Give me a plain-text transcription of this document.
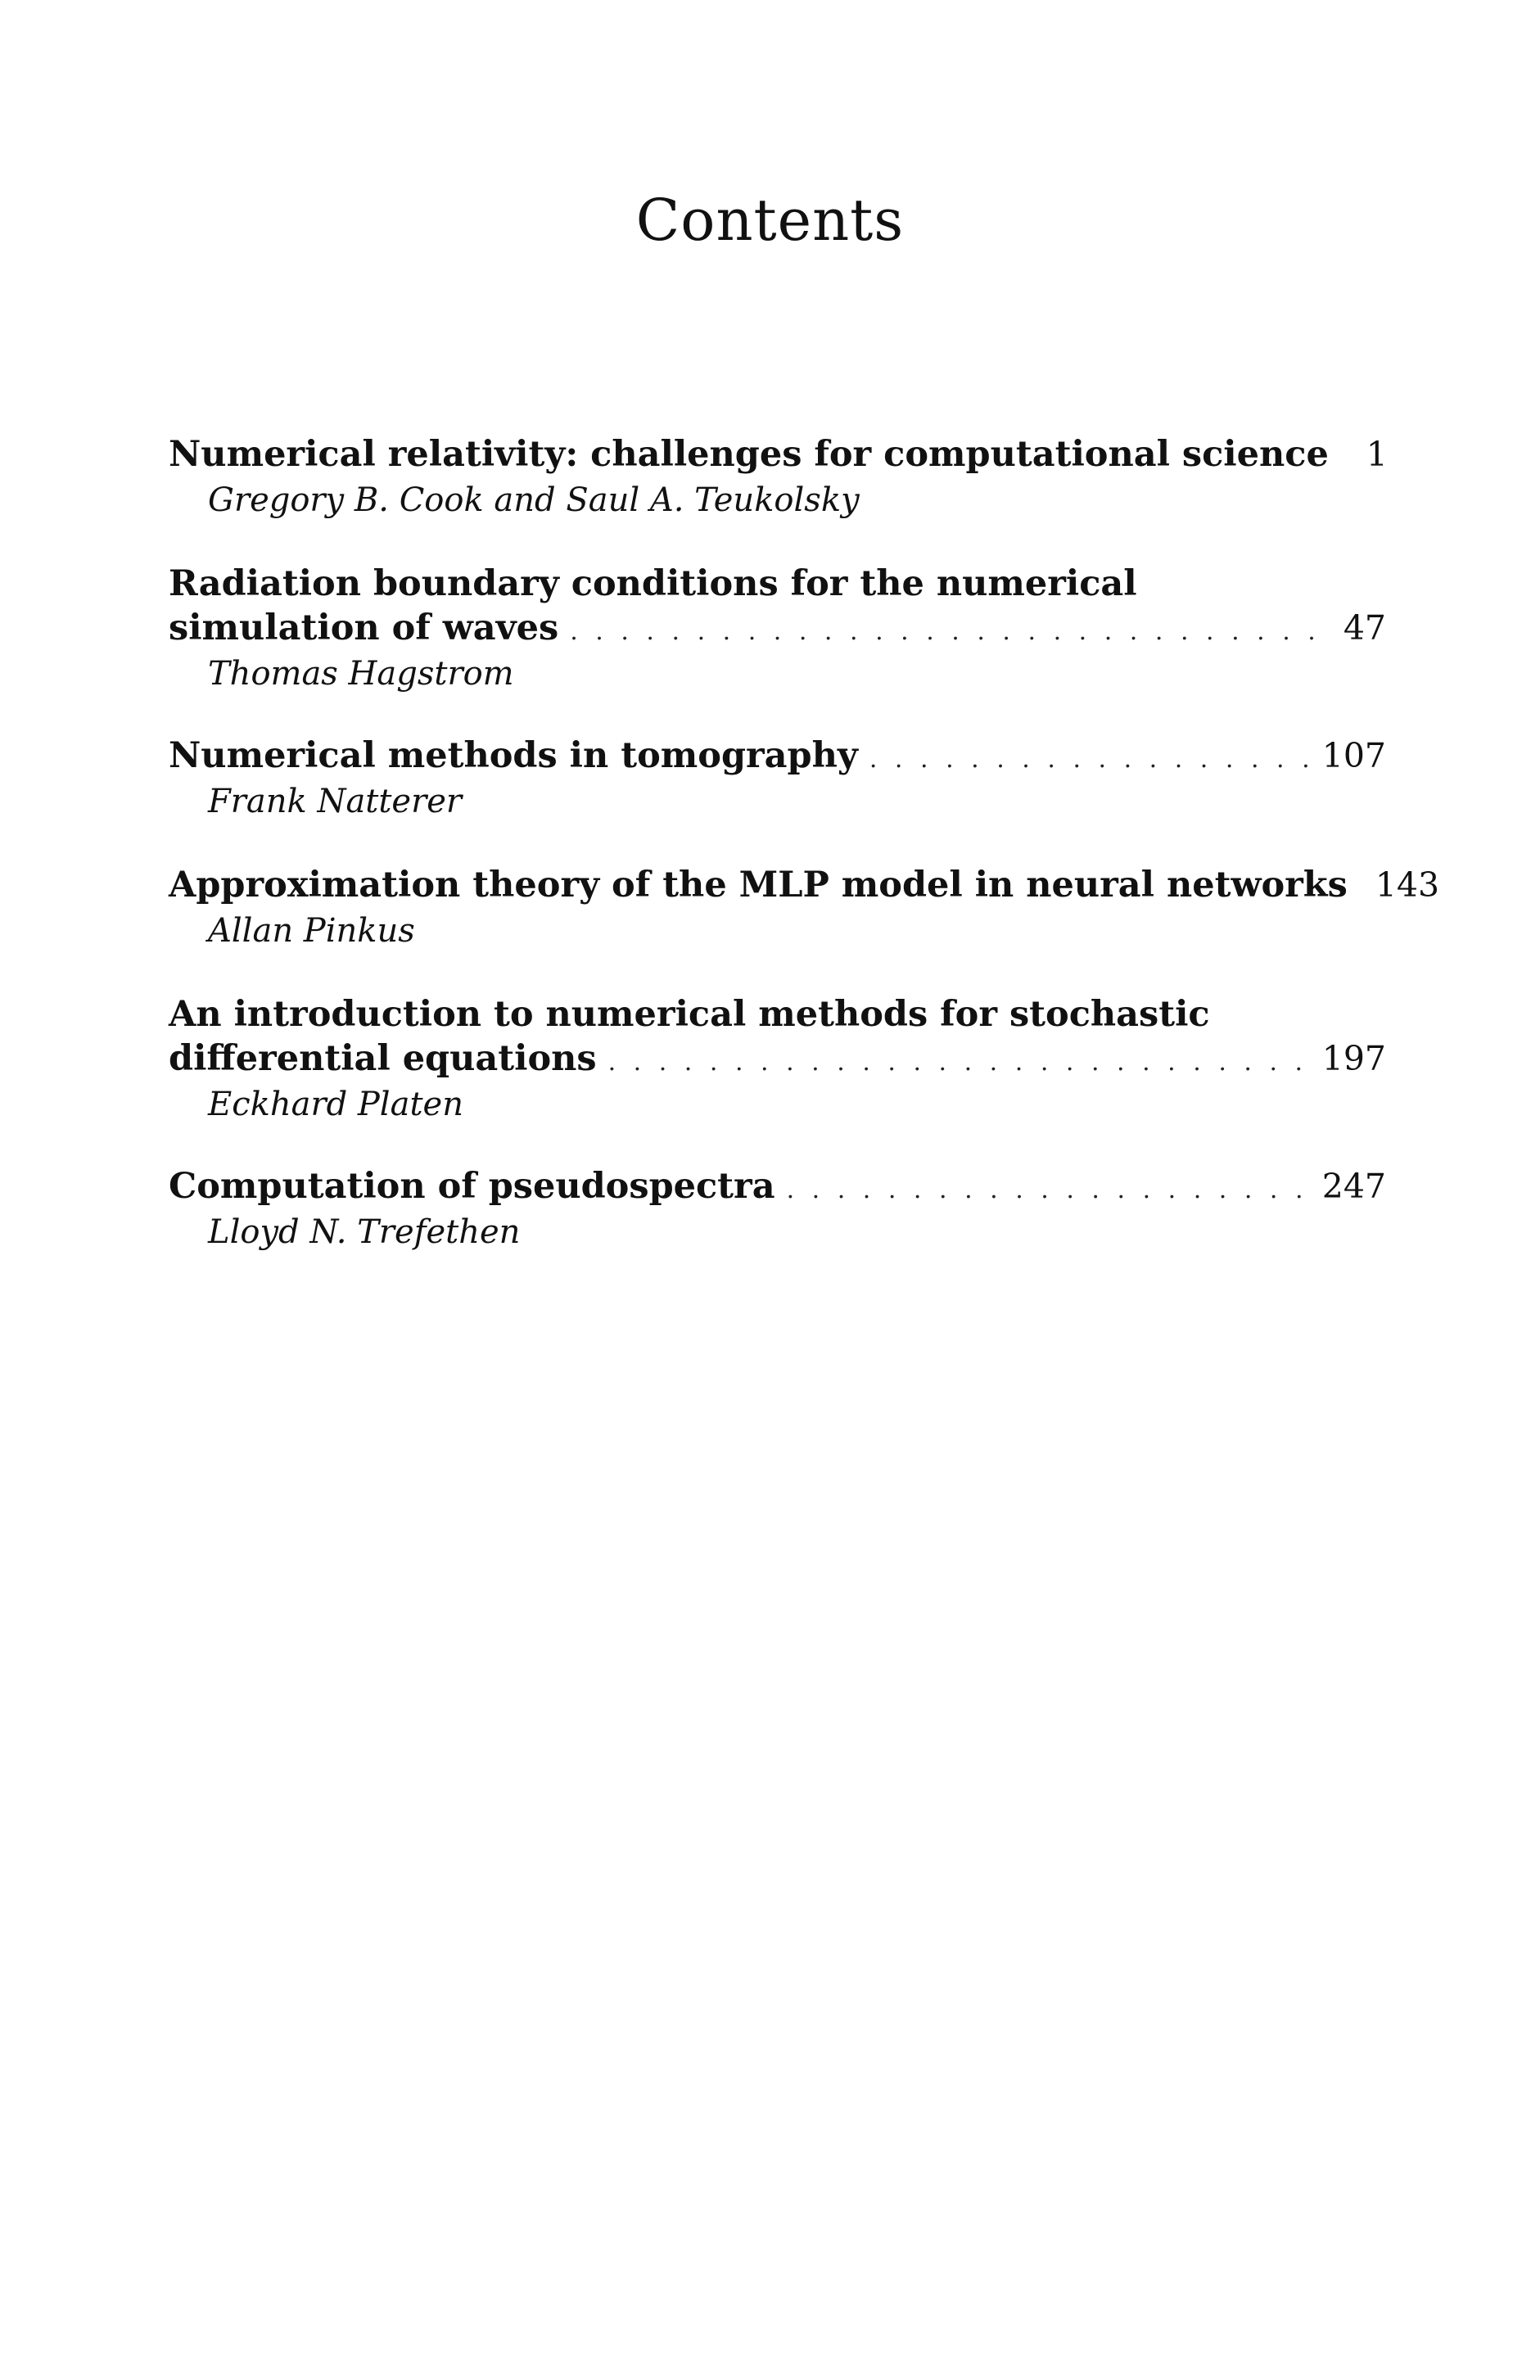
Contents
Numerical relativity: challenges for computational science	1
Gregory B. Cook and Saul A. Teukolsky
Radiation boundary conditions for the numerical
simulation of waves . . .	47
Thomas Hagstrom
Numerical methods in tomography . . .	107
Frank Natterer
Approximation theory of the MLP model in neural networks 143
Allan Pinkus
An introduction to numerical methods for stochastic
differential equations . . .	197
Eckhard Platen
Computation of pseudospectra . . .	247
Lloyd N. Trefethen
